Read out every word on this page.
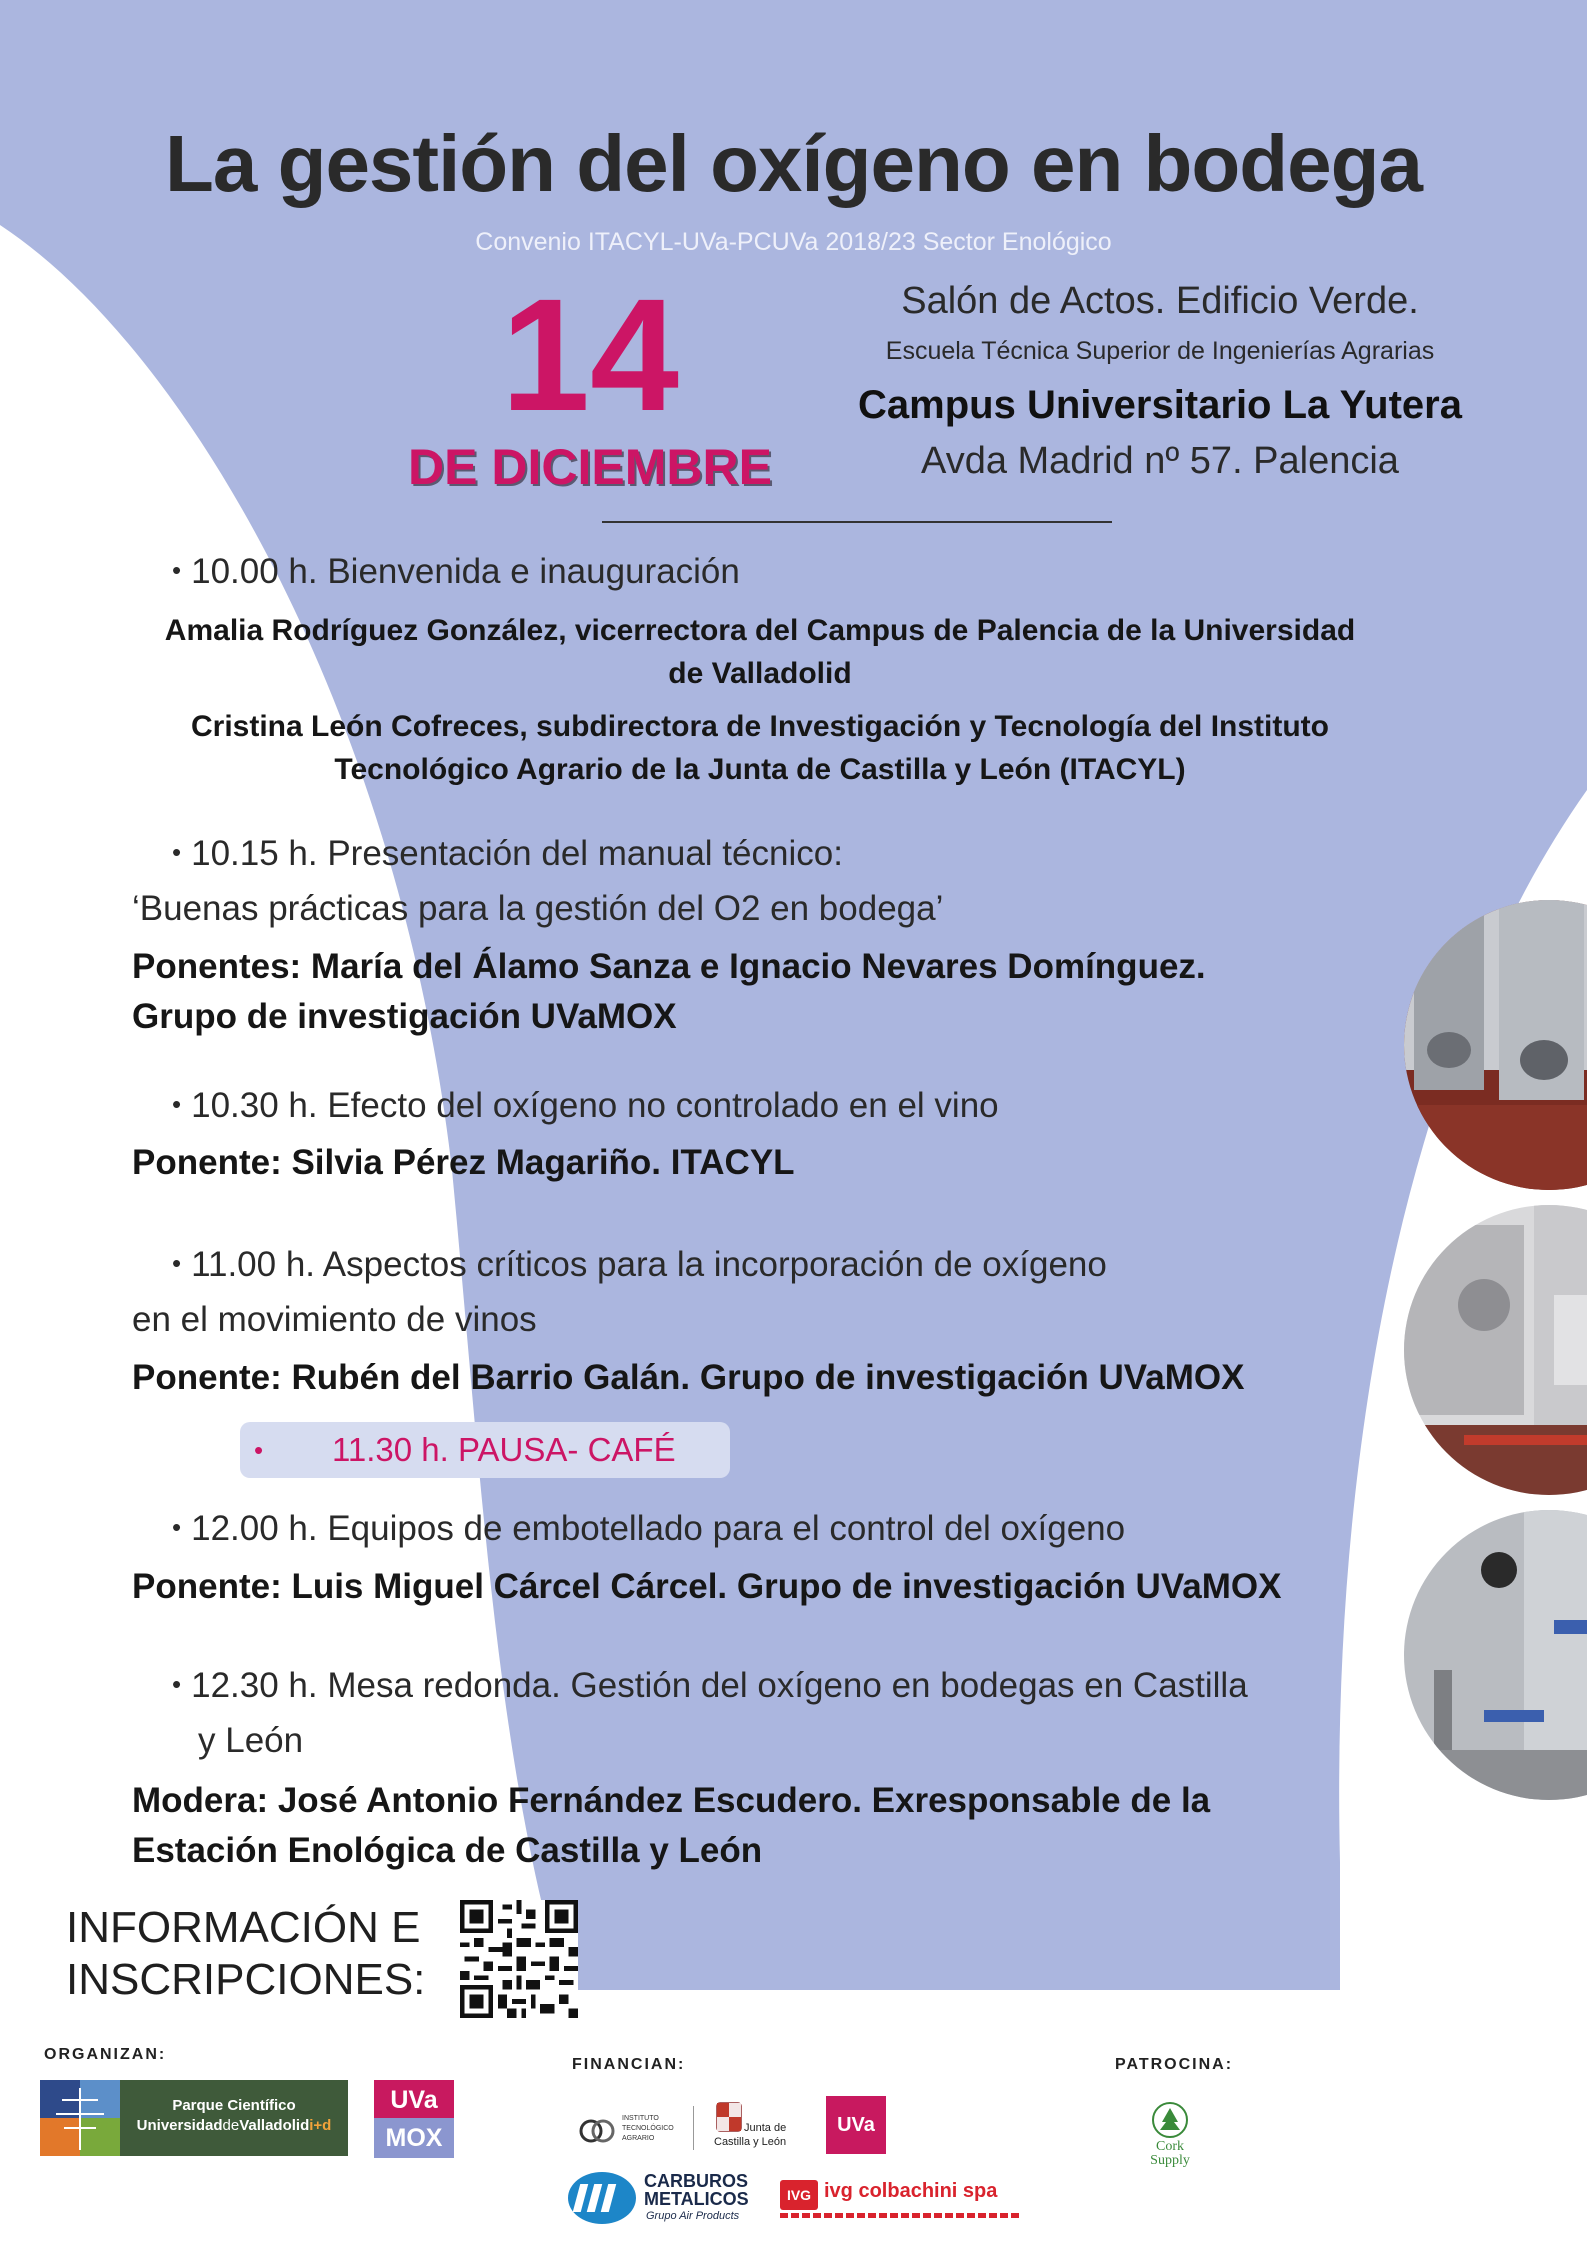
La gestión del oxígeno en bodega
Convenio ITACYL-UVa-PCUVa 2018/23 Sector Enológico
14
DE DICIEMBRE
Salón de Actos. Edificio Verde.
Escuela Técnica Superior de Ingenierías Agrarias
Campus Universitario La Yutera
Avda Madrid nº 57. Palencia
• 10.00 h. Bienvenida e inauguración
Amalia Rodríguez González, vicerrectora del Campus de Palencia de la Universidad
de Valladolid
Cristina León Cofreces, subdirectora de Investigación y Tecnología del Instituto
Tecnológico Agrario de la Junta de Castilla y León (ITACYL)
• 10.15 h. Presentación del manual técnico:
‘Buenas prácticas para la gestión del O2 en bodega’
Ponentes: María del Álamo Sanza e Ignacio Nevares Domínguez.
Grupo de investigación UVaMOX
• 10.30 h. Efecto del oxígeno no controlado en el vino
Ponente: Silvia Pérez Magariño. ITACYL
• 11.00 h. Aspectos críticos para la incorporación de oxígeno
en el movimiento de vinos
Ponente: Rubén del Barrio Galán. Grupo de investigación UVaMOX
• 11.30 h. PAUSA- CAFÉ
• 12.00 h. Equipos de embotellado para el control del oxígeno
Ponente: Luis Miguel Cárcel Cárcel. Grupo de investigación UVaMOX
• 12.30 h. Mesa redonda. Gestión del oxígeno en bodegas en Castilla
y León
Modera: José Antonio Fernández Escudero. Exresponsable de la
Estación Enológica de Castilla y León
INFORMACIÓN E
INSCRIPCIONES:
ORGANIZAN:
FINANCIAN:	PATROCINA:
Parque Científico
UniversidaddeValladolidi+d
UVa
MOX
INSTITUTO
TECNOLÓGICO
AGRARIO
Junta de
Castilla y León
UVa
CARBUROS
METALICOS
Grupo Air Products
IVG ivg colbachini spa
Cork
Supply
